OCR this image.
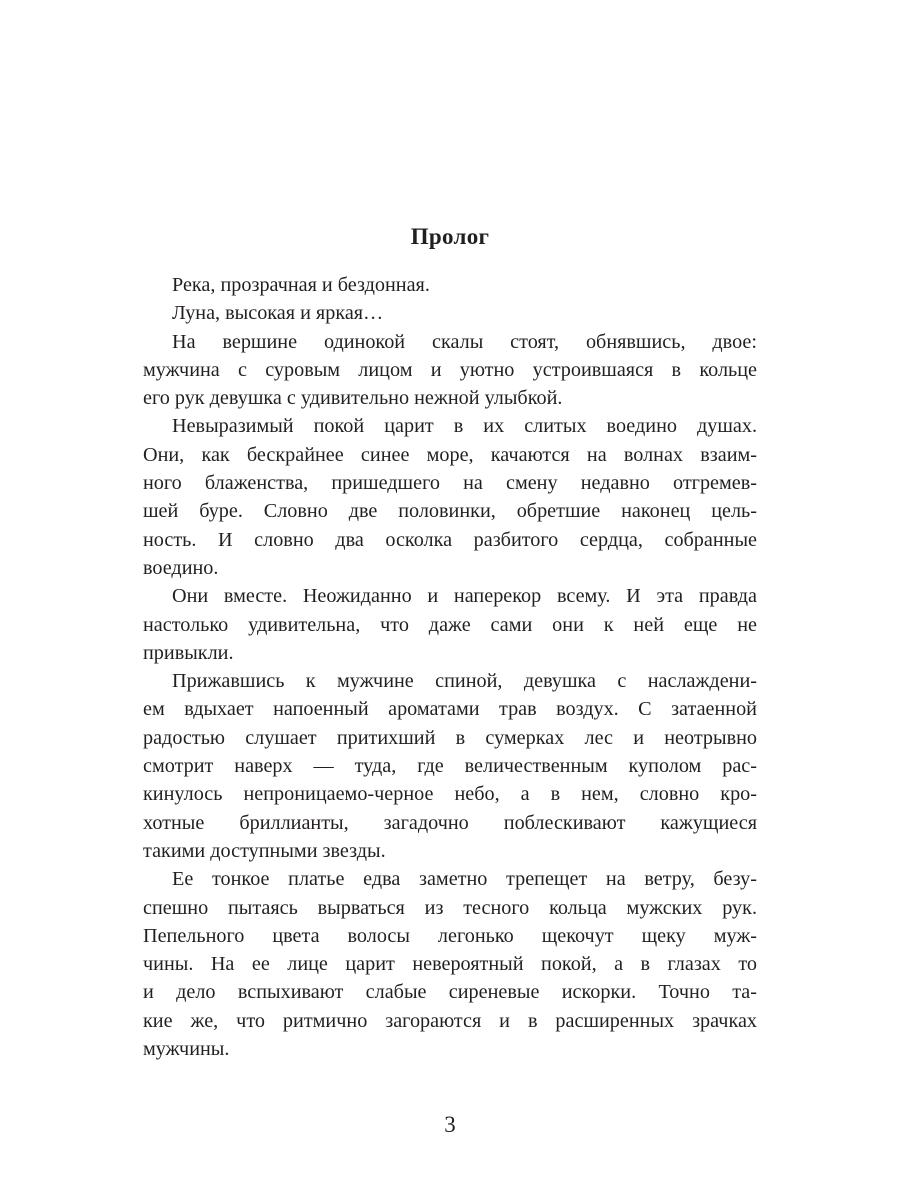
Пролог
Река, прозрачная и бездонная.
Луна, высокая и яркая…
На вершине одинокой скалы стоят, обнявшись, двое:
мужчина с суровым лицом и уютно устроившаяся в кольце
его рук девушка с удивительно нежной улыбкой.
Невыразимый покой царит в их слитых воедино душах.
Они, как бескрайнее синее море, качаются на волнах взаим-
ного блаженства, пришедшего на смену недавно отгремев-
шей буре. Словно две половинки, обретшие наконец цель-
ность. И словно два осколка разбитого сердца, собранные
воедино.
Они вместе. Неожиданно и наперекор всему. И эта правда
настолько удивительна, что даже сами они к ней еще не
привыкли.
Прижавшись к мужчине спиной, девушка с наслаждени-
ем вдыхает напоенный ароматами трав воздух. С затаенной
радостью слушает притихший в сумерках лес и неотрывно
смотрит наверх — туда, где величественным куполом рас-
кинулось непроницаемо-черное небо, а в нем, словно кро-
хотные бриллианты, загадочно поблескивают кажущиеся
такими доступными звезды.
Ее тонкое платье едва заметно трепещет на ветру, безу-
спешно пытаясь вырваться из тесного кольца мужских рук.
Пепельного цвета волосы легонько щекочут щеку муж-
чины. На ее лице царит невероятный покой, а в глазах то
и дело вспыхивают слабые сиреневые искорки. Точно та-
кие же, что ритмично загораются и в расширенных зрачках
мужчины.
3
